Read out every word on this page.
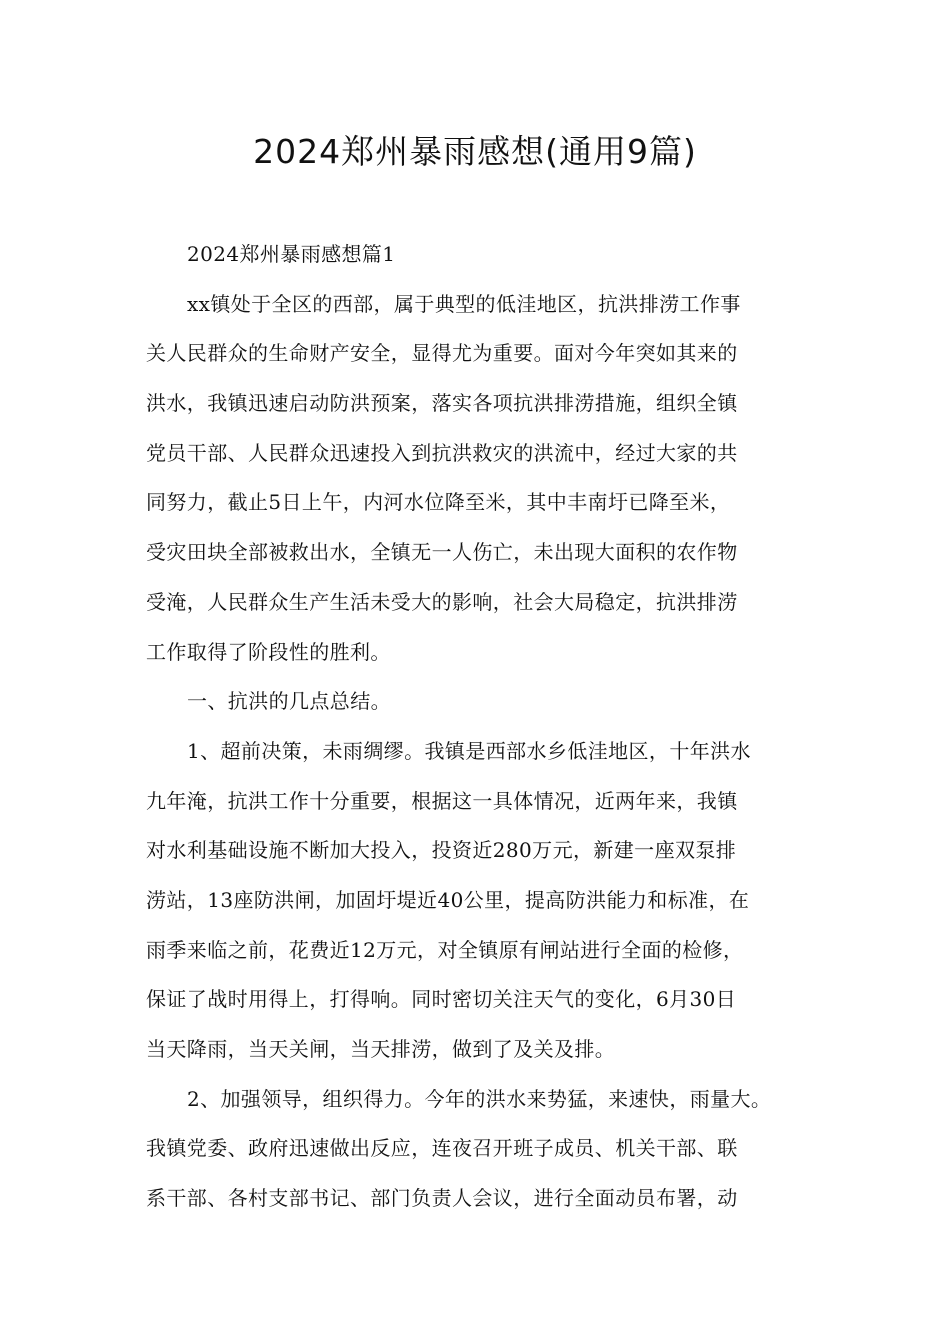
2024郑州暴雨感想(通用9篇)

2024郑州暴雨感想篇1

xx镇处于全区的西部，属于典型的低洼地区，抗洪排涝工作事
关人民群众的生命财产安全，显得尤为重要。面对今年突如其来的
洪水，我镇迅速启动防洪预案，落实各项抗洪排涝措施，组织全镇
党员干部、人民群众迅速投入到抗洪救灾的洪流中，经过大家的共
同努力，截止5日上午，内河水位降至米，其中丰南圩已降至米，
受灾田块全部被救出水，全镇无一人伤亡，未出现大面积的农作物
受淹，人民群众生产生活未受大的影响，社会大局稳定，抗洪排涝
工作取得了阶段性的胜利。

一、抗洪的几点总结。

1、超前决策，未雨绸缪。我镇是西部水乡低洼地区，十年洪水
九年淹，抗洪工作十分重要，根据这一具体情况，近两年来，我镇
对水利基础设施不断加大投入，投资近280万元，新建一座双泵排
涝站，13座防洪闸，加固圩堤近40公里，提高防洪能力和标准，在
雨季来临之前，花费近12万元，对全镇原有闸站进行全面的检修，
保证了战时用得上，打得响。同时密切关注天气的变化，6月30日
当天降雨，当天关闸，当天排涝，做到了及关及排。

2、加强领导，组织得力。今年的洪水来势猛，来速快，雨量大。
我镇党委、政府迅速做出反应，连夜召开班子成员、机关干部、联
系干部、各村支部书记、部门负责人会议，进行全面动员布署，动
